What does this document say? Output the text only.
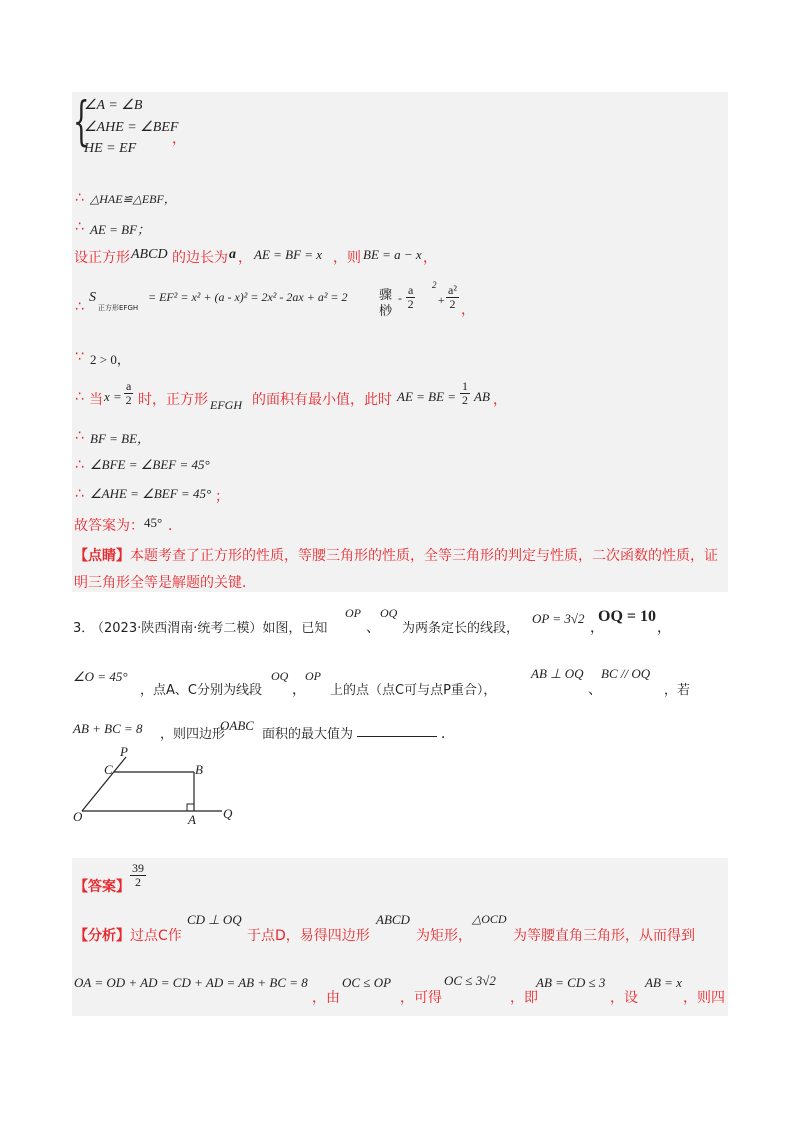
{
∠A = ∠B
∠AHE = ∠BEF
HE = EF
，
∴ △HAE≌△EBF，
∴ AE = BF；
设正方形 ABCD 的边长为 a ， AE = BF = x ，则 BE = a − x ，
∴
S
正方形EFGH
= EF² = x² + (a - x)² = 2x² - 2ax + a² = 2 骤
桫
- $\frac{a}{2} 2$
+ $\frac{\text{a²}}{2}$ ，
∵ 2 > 0，
∴ 当 $x = \frac{a}{2}$ 时，正方形 EFGH 的面积有最小值，此时 AE = BE = $\frac{1}{2}$ AB ，
∴ BF = BE，
∴ ∠BFE = ∠BEF = 45°
∴ ∠AHE = ∠BEF = 45° ；
故答案为： 45° ．
【点睛】 本题考查了正方形的性质，等腰三角形的性质，全等三角形的判定与性质，二次函数的性质，证
明三角形全等是解题的关键．
3．
（2023·陕西渭南·统考二模）如图，已知
OP
、
OQ
为两条定长的线段，
OP = 3√2
，
OQ = 10
，
∠O = 45°
，点A、C分别为线段
OQ
，
OP
上的点（点C可与点P重合），
AB ⊥ OQ
、
BC // OQ
，若
AB + BC = 8 ，则四边形
OABC
面积的最大值为	．
P
C	B
O	A Q
【答案】 $\frac{39}{2}$
【分析】 过点C作
CD ⊥ OQ
于点D，易得四边形
ABCD
为矩形，
△OCD
为等腰直角三角形，从而得到
OA = OD + AD = CD + AD = AB + BC = 8
，由
OC ≤ OP
，可得
OC ≤ 3√2
，即
AB = CD ≤ 3
，设
AB = x
，则四
